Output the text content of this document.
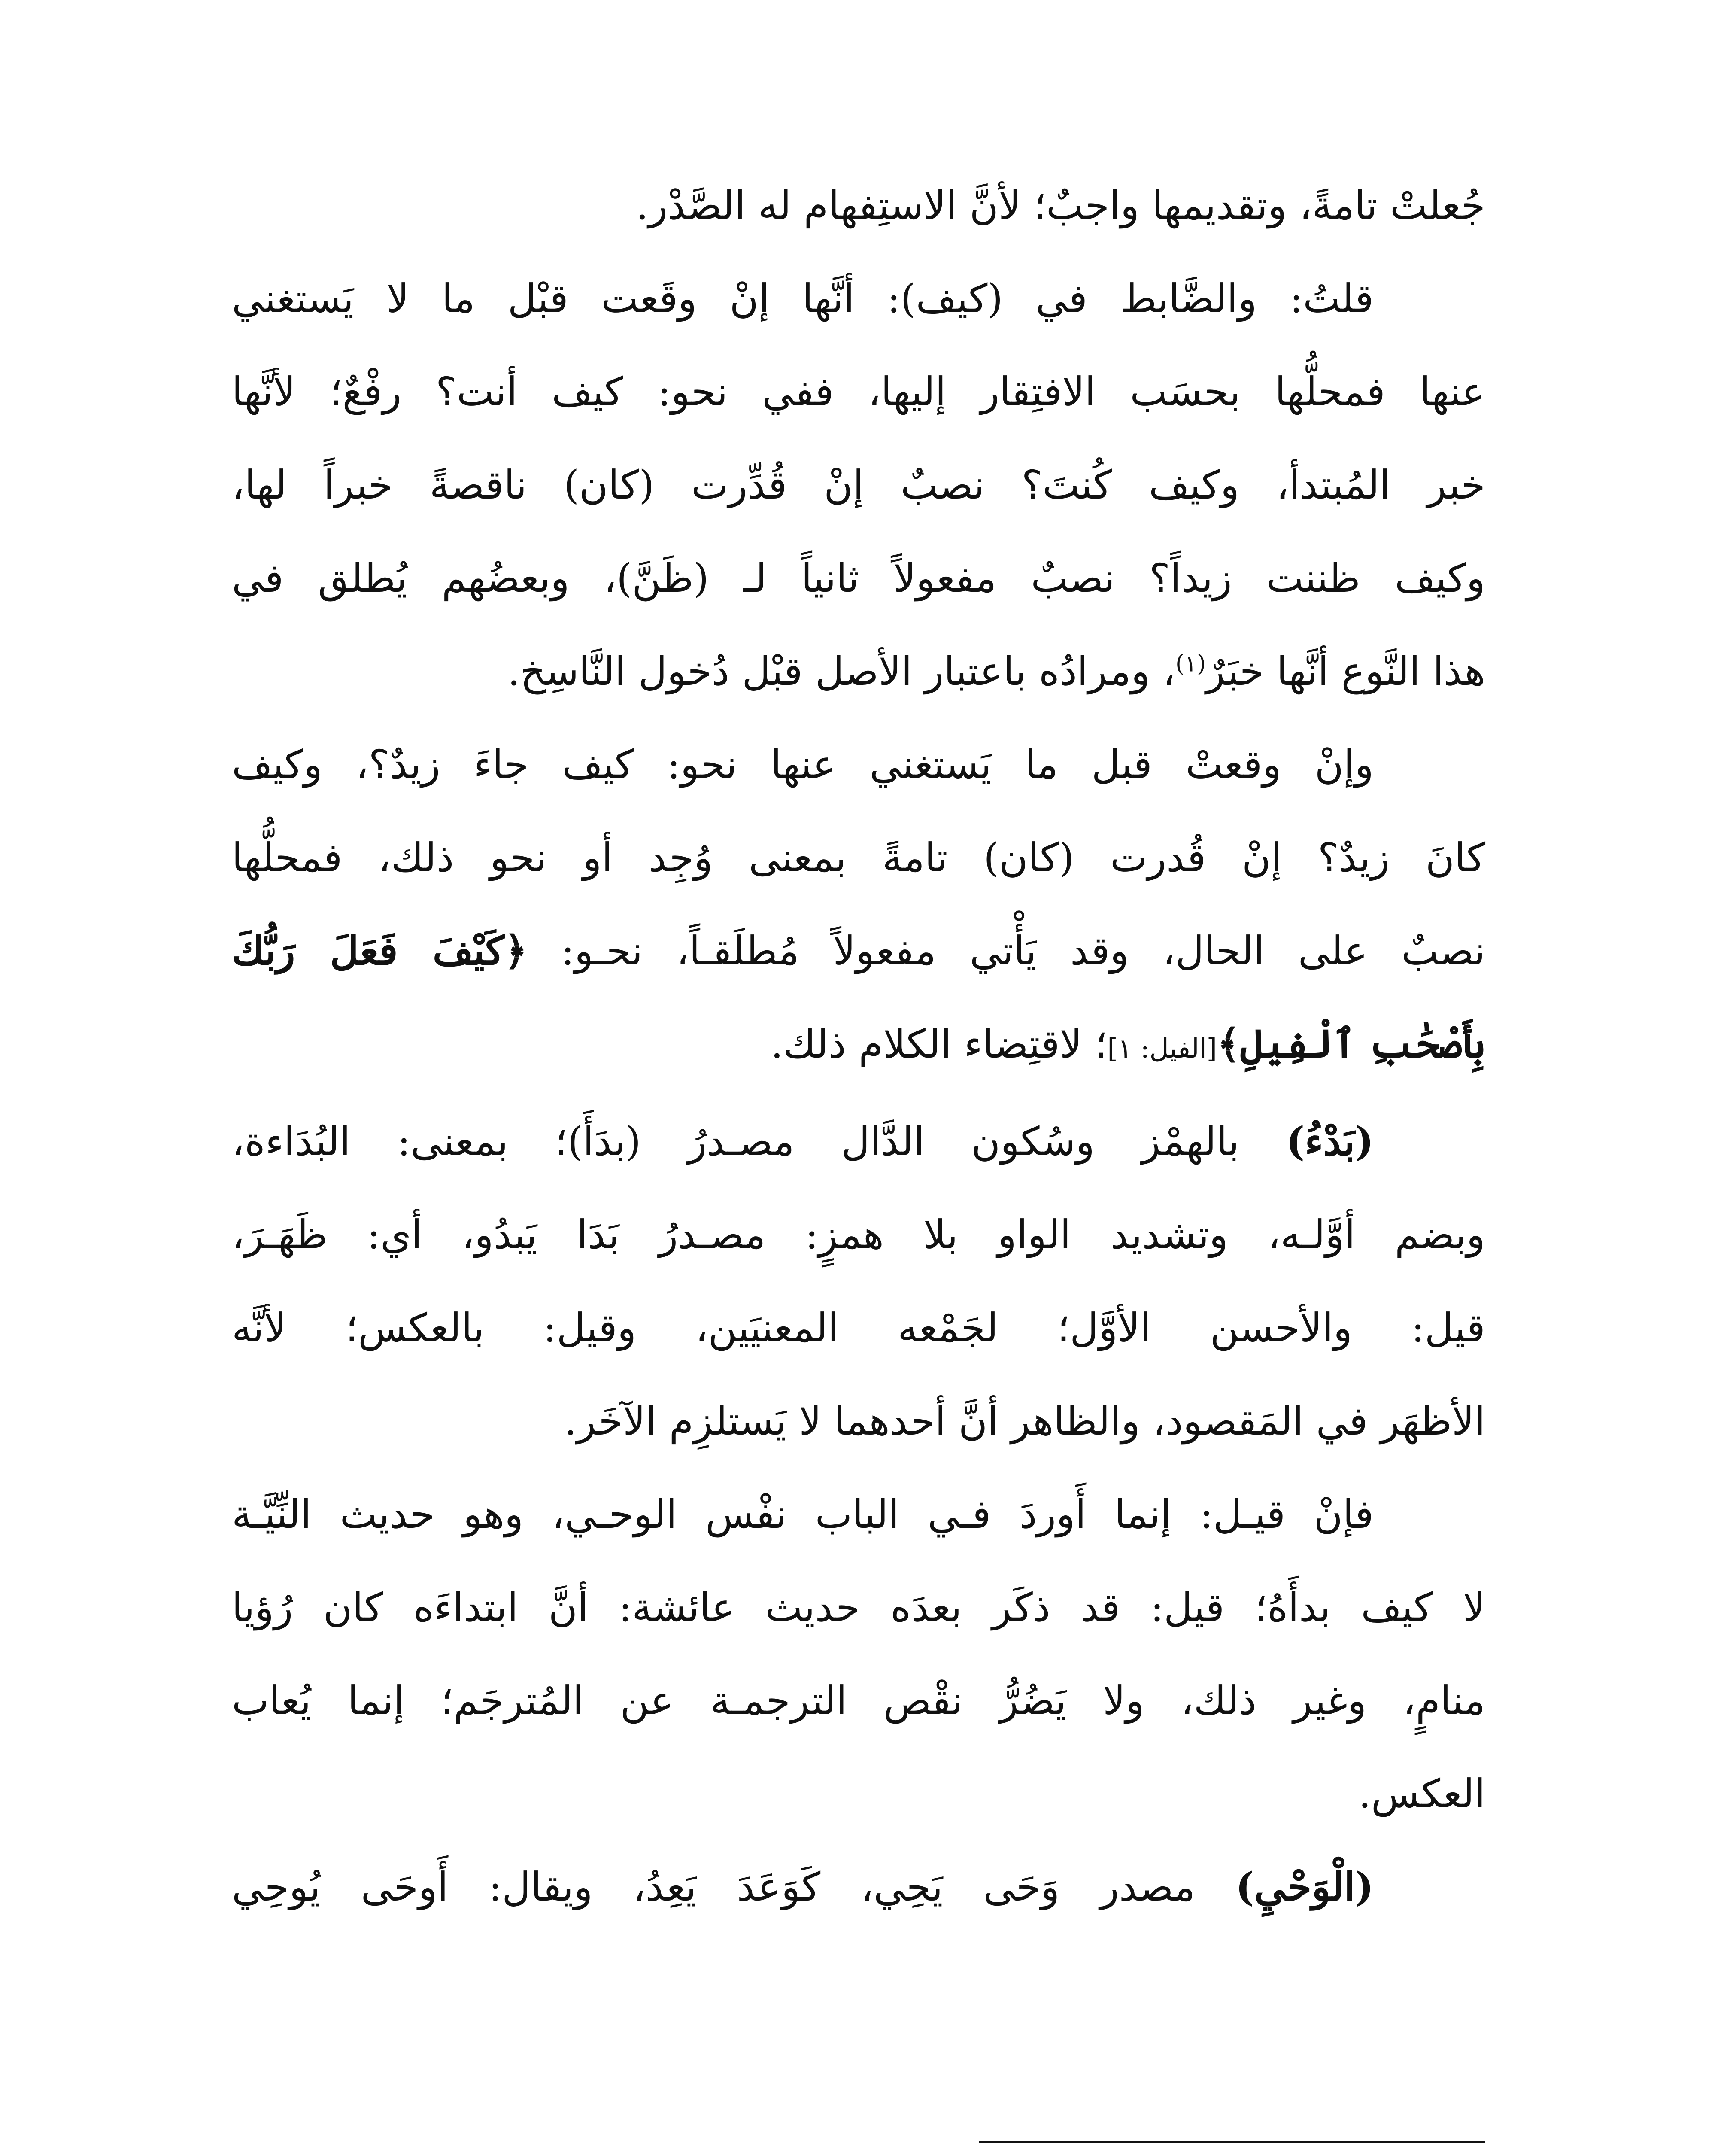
جُعلتْ تامةً، وتقديمها واجبٌ؛ لأنَّ الاستِفهام له الصَّدْر.

قلتُ: والضَّابط في (كيف): أنَّها إنْ وقَعت قبْل ما لا يَستغني
عنها فمحلُّها بحسَب الافتِقار إليها، ففي نحو: كيف أنت؟ رفْعٌ؛ لأنَّها
خبر المُبتدأ، وكيف كُنتَ؟ نصبٌ إنْ قُدِّرت (كان) ناقصةً خبراً لها،
وكيف ظننت زيداً؟ نصبٌ مفعولاً ثانياً لـ (ظَنَّ)، وبعضُهم يُطلق في
هذا النَّوع أنَّها خبَرٌ$^{(١)}$، ومرادُه باعتبار الأصل قبْل دُخول النَّاسِخ.

وإنْ وقعتْ قبل ما يَستغني عنها نحو: كيف جاءَ زيدٌ؟، وكيف
كانَ زيدٌ؟ إنْ قُدرت (كان) تامةً بمعنى وُجِد أو نحو ذلك، فمحلُّها
نصبٌ على الحال، وقد يَأْتي مفعولاً مُطلَقـاً، نحـو: ﴿كَيْفَ فَعَلَ رَبُّكَ
بِأَصْحَٰبِ ٱلْفِيلِ﴾[الفيل: ١]؛ لاقتِضاء الكلام ذلك.

(بَدْءُ) بالهمْز وسُكون الدَّال مصـدرُ (بدَأَ)؛ بمعنى: البُدَاءة،
وبضم أوَّلـه، وتشديد الواو بلا همزٍ: مصـدرُ بَدَا يَبدُو، أي: ظَهَـرَ،
قيل: والأحسن الأوَّل؛ لجَمْعه المعنيَين، وقيل: بالعكس؛ لأنَّه
الأظهَر في المَقصود، والظاهر أنَّ أحدهما لا يَستلزِم الآخَر.

فإنْ قيـل: إنما أَوردَ فـي الباب نفْس الوحـي، وهو حديث النِّيَّـة
لا كيف بدأَهُ؛ قيل: قد ذكَر بعدَه حديث عائشة: أنَّ ابتداءَه كان رُؤيا
منامٍ، وغير ذلك، ولا يَضُرُّ نقْص الترجمـة عن المُترجَم؛ إنما يُعاب
العكس.

(الْوَحْيِ) مصدر وَحَى يَحِي، كَوَعَدَ يَعِدُ، ويقال: أَوحَى يُوحِي
